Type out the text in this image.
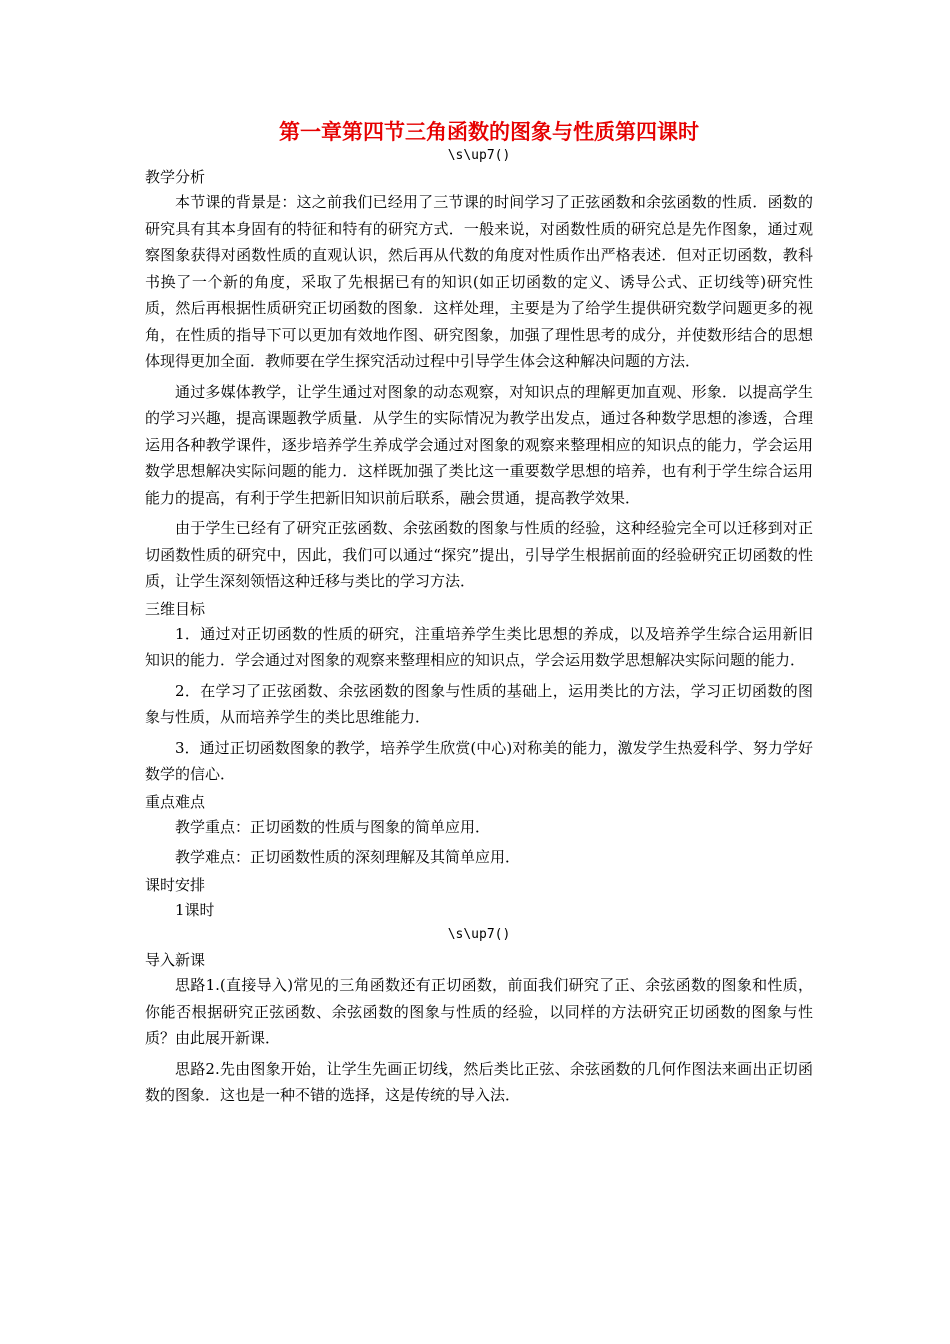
第一章第四节三角函数的图象与性质第四课时
\s\up7()
教学分析

本节课的背景是：这之前我们已经用了三节课的时间学习了正弦函数和余弦函数的性质．函数的研究具有其本身固有的特征和特有的研究方式．一般来说，对函数性质的研究总是先作图象，通过观察图象获得对函数性质的直观认识，然后再从代数的角度对性质作出严格表述．但对正切函数，教科书换了一个新的角度，采取了先根据已有的知识(如正切函数的定义、诱导公式、正切线等)研究性质，然后再根据性质研究正切函数的图象．这样处理，主要是为了给学生提供研究数学问题更多的视角，在性质的指导下可以更加有效地作图、研究图象，加强了理性思考的成分，并使数形结合的思想体现得更加全面．教师要在学生探究活动过程中引导学生体会这种解决问题的方法．

通过多媒体教学，让学生通过对图象的动态观察，对知识点的理解更加直观、形象．以提高学生的学习兴趣，提高课题教学质量．从学生的实际情况为教学出发点，通过各种数学思想的渗透，合理运用各种教学课件，逐步培养学生养成学会通过对图象的观察来整理相应的知识点的能力，学会运用数学思想解决实际问题的能力．这样既加强了类比这一重要数学思想的培养，也有利于学生综合运用能力的提高，有利于学生把新旧知识前后联系，融会贯通，提高教学效果．

由于学生已经有了研究正弦函数、余弦函数的图象与性质的经验，这种经验完全可以迁移到对正切函数性质的研究中，因此，我们可以通过“探究”提出，引导学生根据前面的经验研究正切函数的性质，让学生深刻领悟这种迁移与类比的学习方法．

三维目标

1．通过对正切函数的性质的研究，注重培养学生类比思想的养成，以及培养学生综合运用新旧知识的能力．学会通过对图象的观察来整理相应的知识点，学会运用数学思想解决实际问题的能力．

2．在学习了正弦函数、余弦函数的图象与性质的基础上，运用类比的方法，学习正切函数的图象与性质，从而培养学生的类比思维能力．

3．通过正切函数图象的教学，培养学生欣赏(中心)对称美的能力，激发学生热爱科学、努力学好数学的信心．

重点难点

教学重点：正切函数的性质与图象的简单应用．

教学难点：正切函数性质的深刻理解及其简单应用．

课时安排

1课时

\s\up7()
导入新课

思路1.(直接导入)常见的三角函数还有正切函数，前面我们研究了正、余弦函数的图象和性质，你能否根据研究正弦函数、余弦函数的图象与性质的经验，以同样的方法研究正切函数的图象与性质？由此展开新课．

思路2.先由图象开始，让学生先画正切线，然后类比正弦、余弦函数的几何作图法来画出正切函数的图象．这也是一种不错的选择，这是传统的导入法．
